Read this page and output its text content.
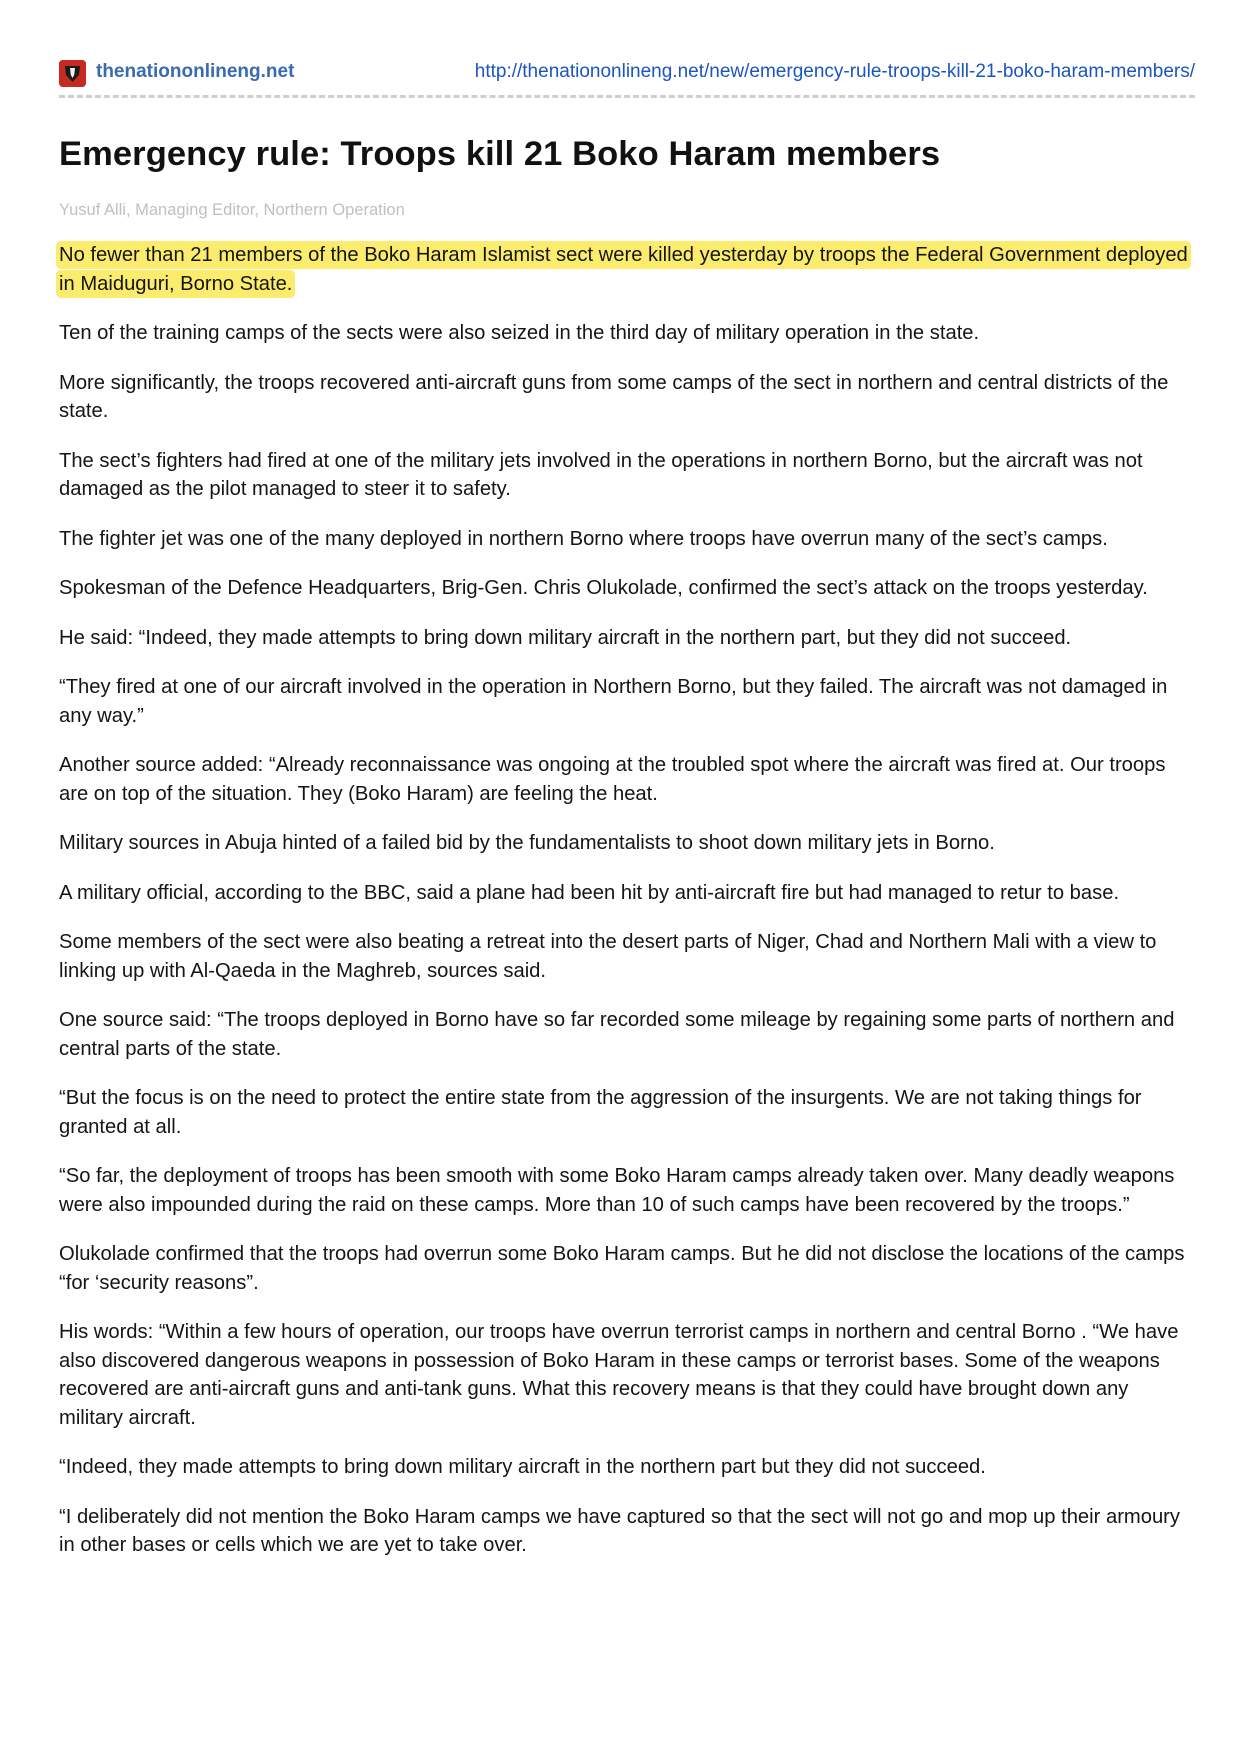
thenationonlineng.net	http://thenationonlineng.net/new/emergency-rule-troops-kill-21-boko-haram-members/
Emergency rule: Troops kill 21 Boko Haram members
Yusuf Alli, Managing Editor, Northern Operation

No fewer than 21 members of the Boko Haram Islamist sect were killed yesterday by troops the Federal Government deployed in Maiduguri, Borno State.

Ten of the training camps of the sects were also seized in the third day of military operation in the state.

More significantly, the troops recovered anti-aircraft guns from some camps of the sect in northern and central districts of the state.

The sect’s fighters had fired at one of the military jets involved in the operations in northern Borno, but the aircraft was not damaged as the pilot managed to steer it to safety.

The fighter jet was one of the many deployed in northern Borno where troops have overrun many of the sect’s camps.

Spokesman of the Defence Headquarters, Brig-Gen. Chris Olukolade, confirmed the sect’s attack on the troops yesterday.

He said: “Indeed, they made attempts to bring down military aircraft in the northern part, but they did not succeed.

“They fired at one of our aircraft involved in the operation in Northern Borno, but they failed. The aircraft was not damaged in any way.”

Another source added: “Already reconnaissance was ongoing at the troubled spot where the aircraft was fired at. Our troops are on top of the situation. They (Boko Haram) are feeling the heat.

Military sources in Abuja hinted of a failed bid by the fundamentalists to shoot down military jets in Borno.

A military official, according to the BBC, said a plane had been hit by anti-aircraft fire but had managed to retur to base.

Some members of the sect were also beating a retreat into the desert parts of Niger, Chad and Northern Mali with a view to linking up with Al-Qaeda in the Maghreb, sources said.

One source said: “The troops deployed in Borno have so far recorded some mileage by regaining some parts of northern and central parts of the state.

“But the focus is on the need to protect the entire state from the aggression of the insurgents. We are not taking things for granted at all.

“So far, the deployment of troops has been smooth with some Boko Haram camps already taken over. Many deadly weapons were also impounded during the raid on these camps. More than 10 of such camps have been recovered by the troops.”

Olukolade confirmed that the troops had overrun some Boko Haram camps. But he did not disclose the locations of the camps “for ‘security reasons”.

His words: “Within a few hours of operation, our troops have overrun terrorist camps in northern and central Borno . “We have also discovered dangerous weapons in possession of Boko Haram in these camps or terrorist bases. Some of the weapons recovered are anti-aircraft guns and anti-tank guns. What this recovery means is that they could have brought down any military aircraft.

“Indeed, they made attempts to bring down military aircraft in the northern part but they did not succeed.

“I deliberately did not mention the Boko Haram camps we have captured so that the sect will not go and mop up their armoury in other bases or cells which we are yet to take over.
